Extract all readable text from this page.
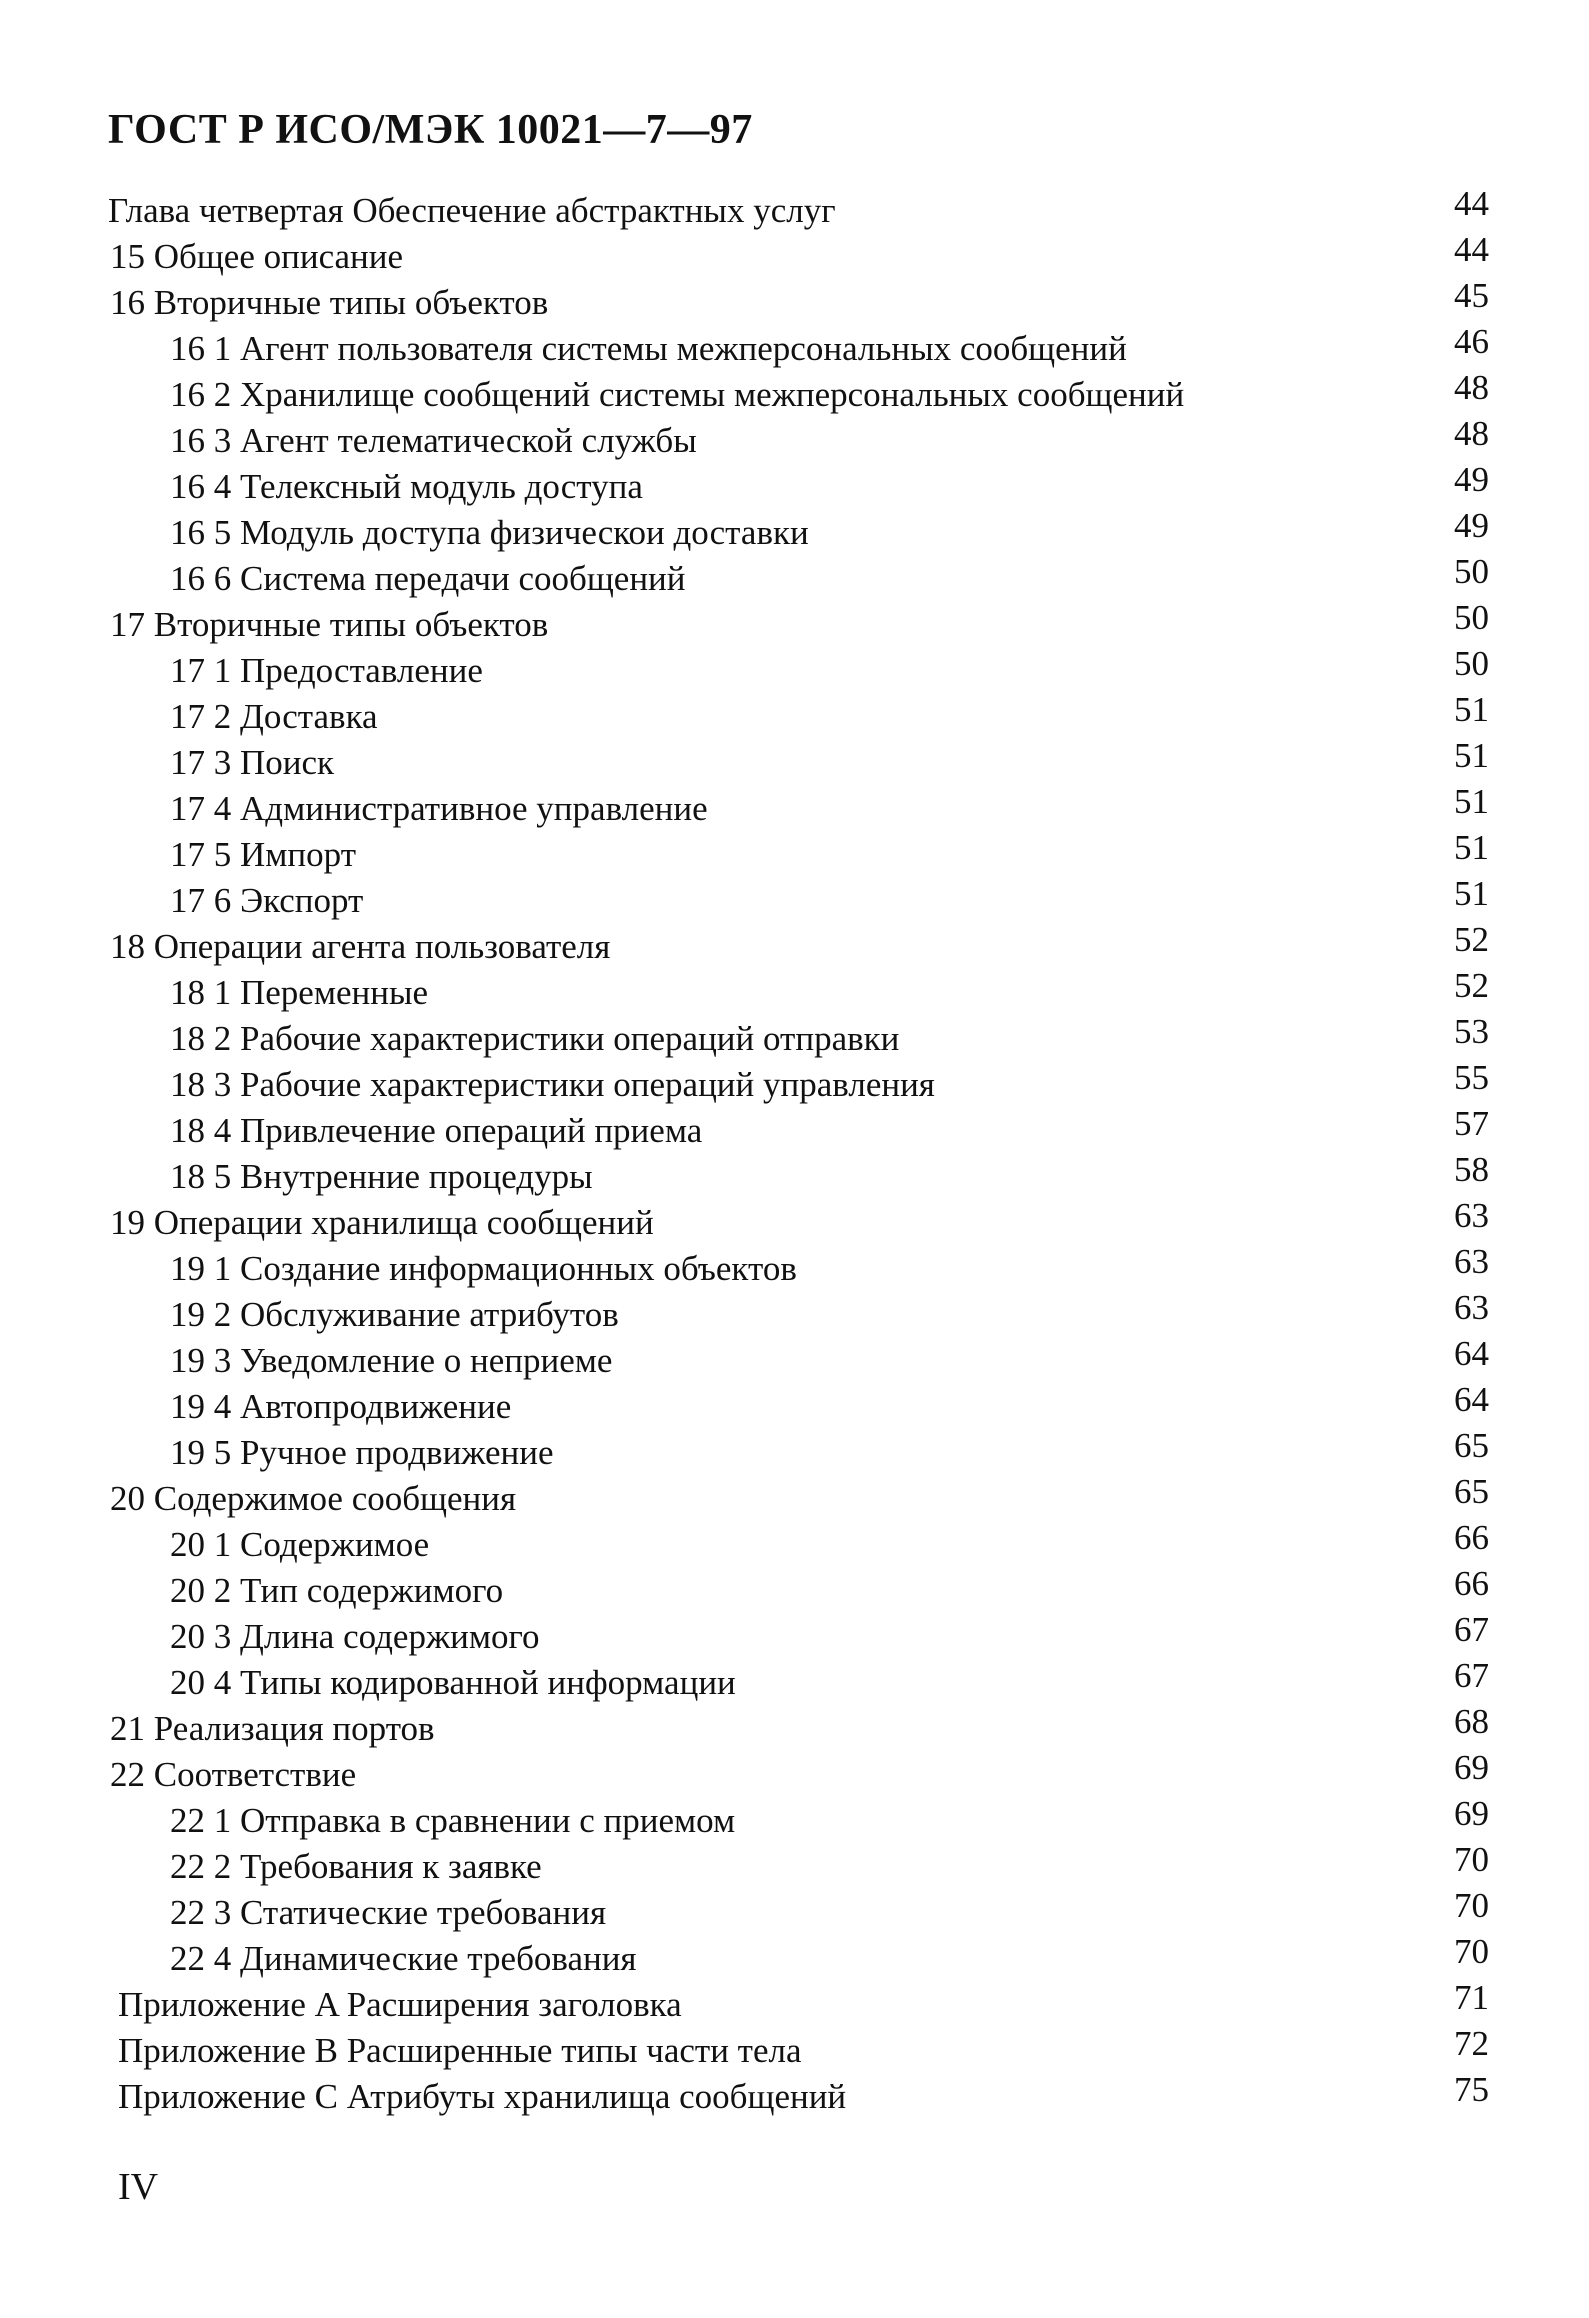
ГОСТ Р ИСО/МЭК 10021—7—97
Глава четвертая Обеспечение абстрактных услуг	44
15 Общее описание	44
16 Вторичные типы объектов	45
16 1 Агент пользователя системы межперсональных сообщений	46
16 2 Хранилище сообщений системы межперсональных сообщений	48
16 3 Агент телематической службы	48
16 4 Телексный модуль доступа	49
16 5 Модуль доступа физическои доставки	49
16 6 Система передачи сообщений	50
17 Вторичные типы объектов	50
17 1 Предоставление	50
17 2 Доставка	51
17 3 Поиск	51
17 4 Административное управление	51
17 5 Импорт	51
17 6 Экспорт	51
18 Операции агента пользователя	52
18 1 Переменные	52
18 2 Рабочие характеристики операций отправки	53
18 3 Рабочие характеристики операций управления	55
18 4 Привлечение операций приема	57
18 5 Внутренние процедуры	58
19 Операции хранилища сообщений	63
19 1 Создание информационных объектов	63
19 2 Обслуживание атрибутов	63
19 3 Уведомление о неприеме	64
19 4 Автопродвижение	64
19 5 Ручное продвижение	65
20 Содержимое сообщения	65
20 1 Содержимое	66
20 2 Тип содержимого	66
20 3 Длина содержимого	67
20 4 Типы кодированной информации	67
21 Реализация портов	68
22 Соответствие	69
22 1 Отправка в сравнении с приемом	69
22 2 Требования к заявке	70
22 3 Статические требования	70
22 4 Динамические требования	70
Приложение A Расширения заголовка	71
Приложение B Расширенные типы части тела	72
Приложение C Атрибуты хранилища сообщений	75
IV
